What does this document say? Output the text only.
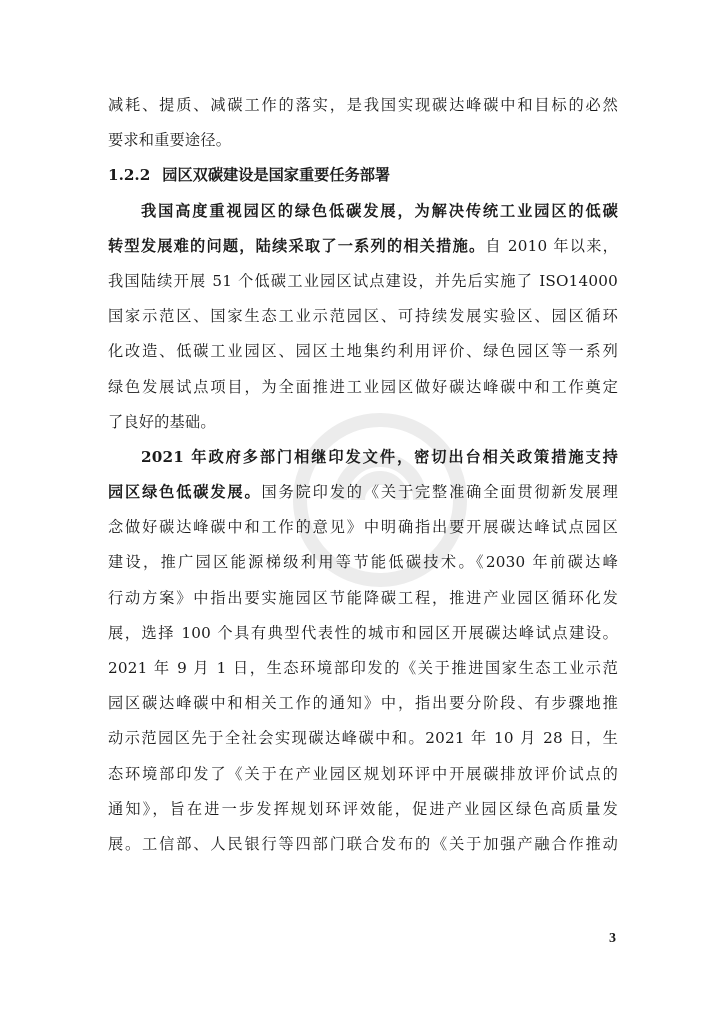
减耗、提质、减碳工作的落实，是我国实现碳达峰碳中和目标的必然
要求和重要途径。
1.2.2 园区双碳建设是国家重要任务部署
我国高度重视园区的绿色低碳发展，为解决传统工业园区的低碳
转型发展难的问题，陆续采取了一系列的相关措施。自 2010 年以来，
我国陆续开展 51 个低碳工业园区试点建设，并先后实施了 ISO14000
国家示范区、国家生态工业示范园区、可持续发展实验区、园区循环
化改造、低碳工业园区、园区土地集约利用评价、绿色园区等一系列
绿色发展试点项目，为全面推进工业园区做好碳达峰碳中和工作奠定
了良好的基础。
2021 年政府多部门相继印发文件，密切出台相关政策措施支持
园区绿色低碳发展。国务院印发的《关于完整准确全面贯彻新发展理
念做好碳达峰碳中和工作的意见》中明确指出要开展碳达峰试点园区
建设，推广园区能源梯级利用等节能低碳技术。《2030 年前碳达峰
行动方案》中指出要实施园区节能降碳工程，推进产业园区循环化发
展，选择 100 个具有典型代表性的城市和园区开展碳达峰试点建设。
2021 年 9 月 1 日，生态环境部印发的《关于推进国家生态工业示范
园区碳达峰碳中和相关工作的通知》中，指出要分阶段、有步骤地推
动示范园区先于全社会实现碳达峰碳中和。2021 年 10 月 28 日，生
态环境部印发了《关于在产业园区规划环评中开展碳排放评价试点的
通知》，旨在进一步发挥规划环评效能，促进产业园区绿色高质量发
展。工信部、人民银行等四部门联合发布的《关于加强产融合作推动
3
